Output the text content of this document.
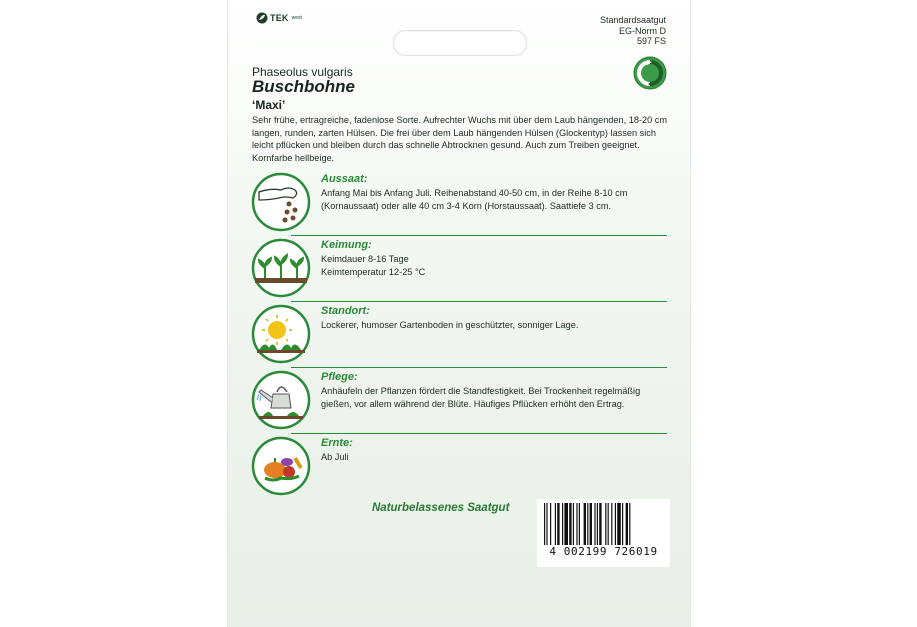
TEK west	Standardsaatgut
EG-Norm D
597 FS
Phaseolus vulgaris
Buschbohne
‘Maxi’
Sehr frühe, ertragreiche, fadenlose Sorte. Aufrechter Wuchs mit über dem Laub hängenden, 18-20 cm langen, runden, zarten Hülsen. Die frei über dem Laub hängenden Hülsen (Glockentyp) lassen sich leicht pflücken und bleiben durch das schnelle Abtrocknen gesund. Auch zum Treiben geeignet. Kornfarbe hellbeige.
Aussaat:
Anfang Mai bis Anfang Juli. Reihenabstand 40-50 cm, in der Reihe 8-10 cm (Kornaussaat) oder alle 40 cm 3-4 Korn (Horstaussaat). Saattiefe 3 cm.
Keimung:
Keimdauer 8-16 Tage
Keimtemperatur 12-25 °C
Standort:
Lockerer, humoser Gartenboden in geschützter, sonniger Lage.
Pflege:
Anhäufeln der Pflanzen fördert die Standfestigkeit. Bei Trockenheit regelmäßig gießen, vor allem während der Blüte. Häufiges Pflücken erhöht den Ertrag.
Ernte:
Ab Juli
Naturbelassenes Saatgut
4 002199 726019
